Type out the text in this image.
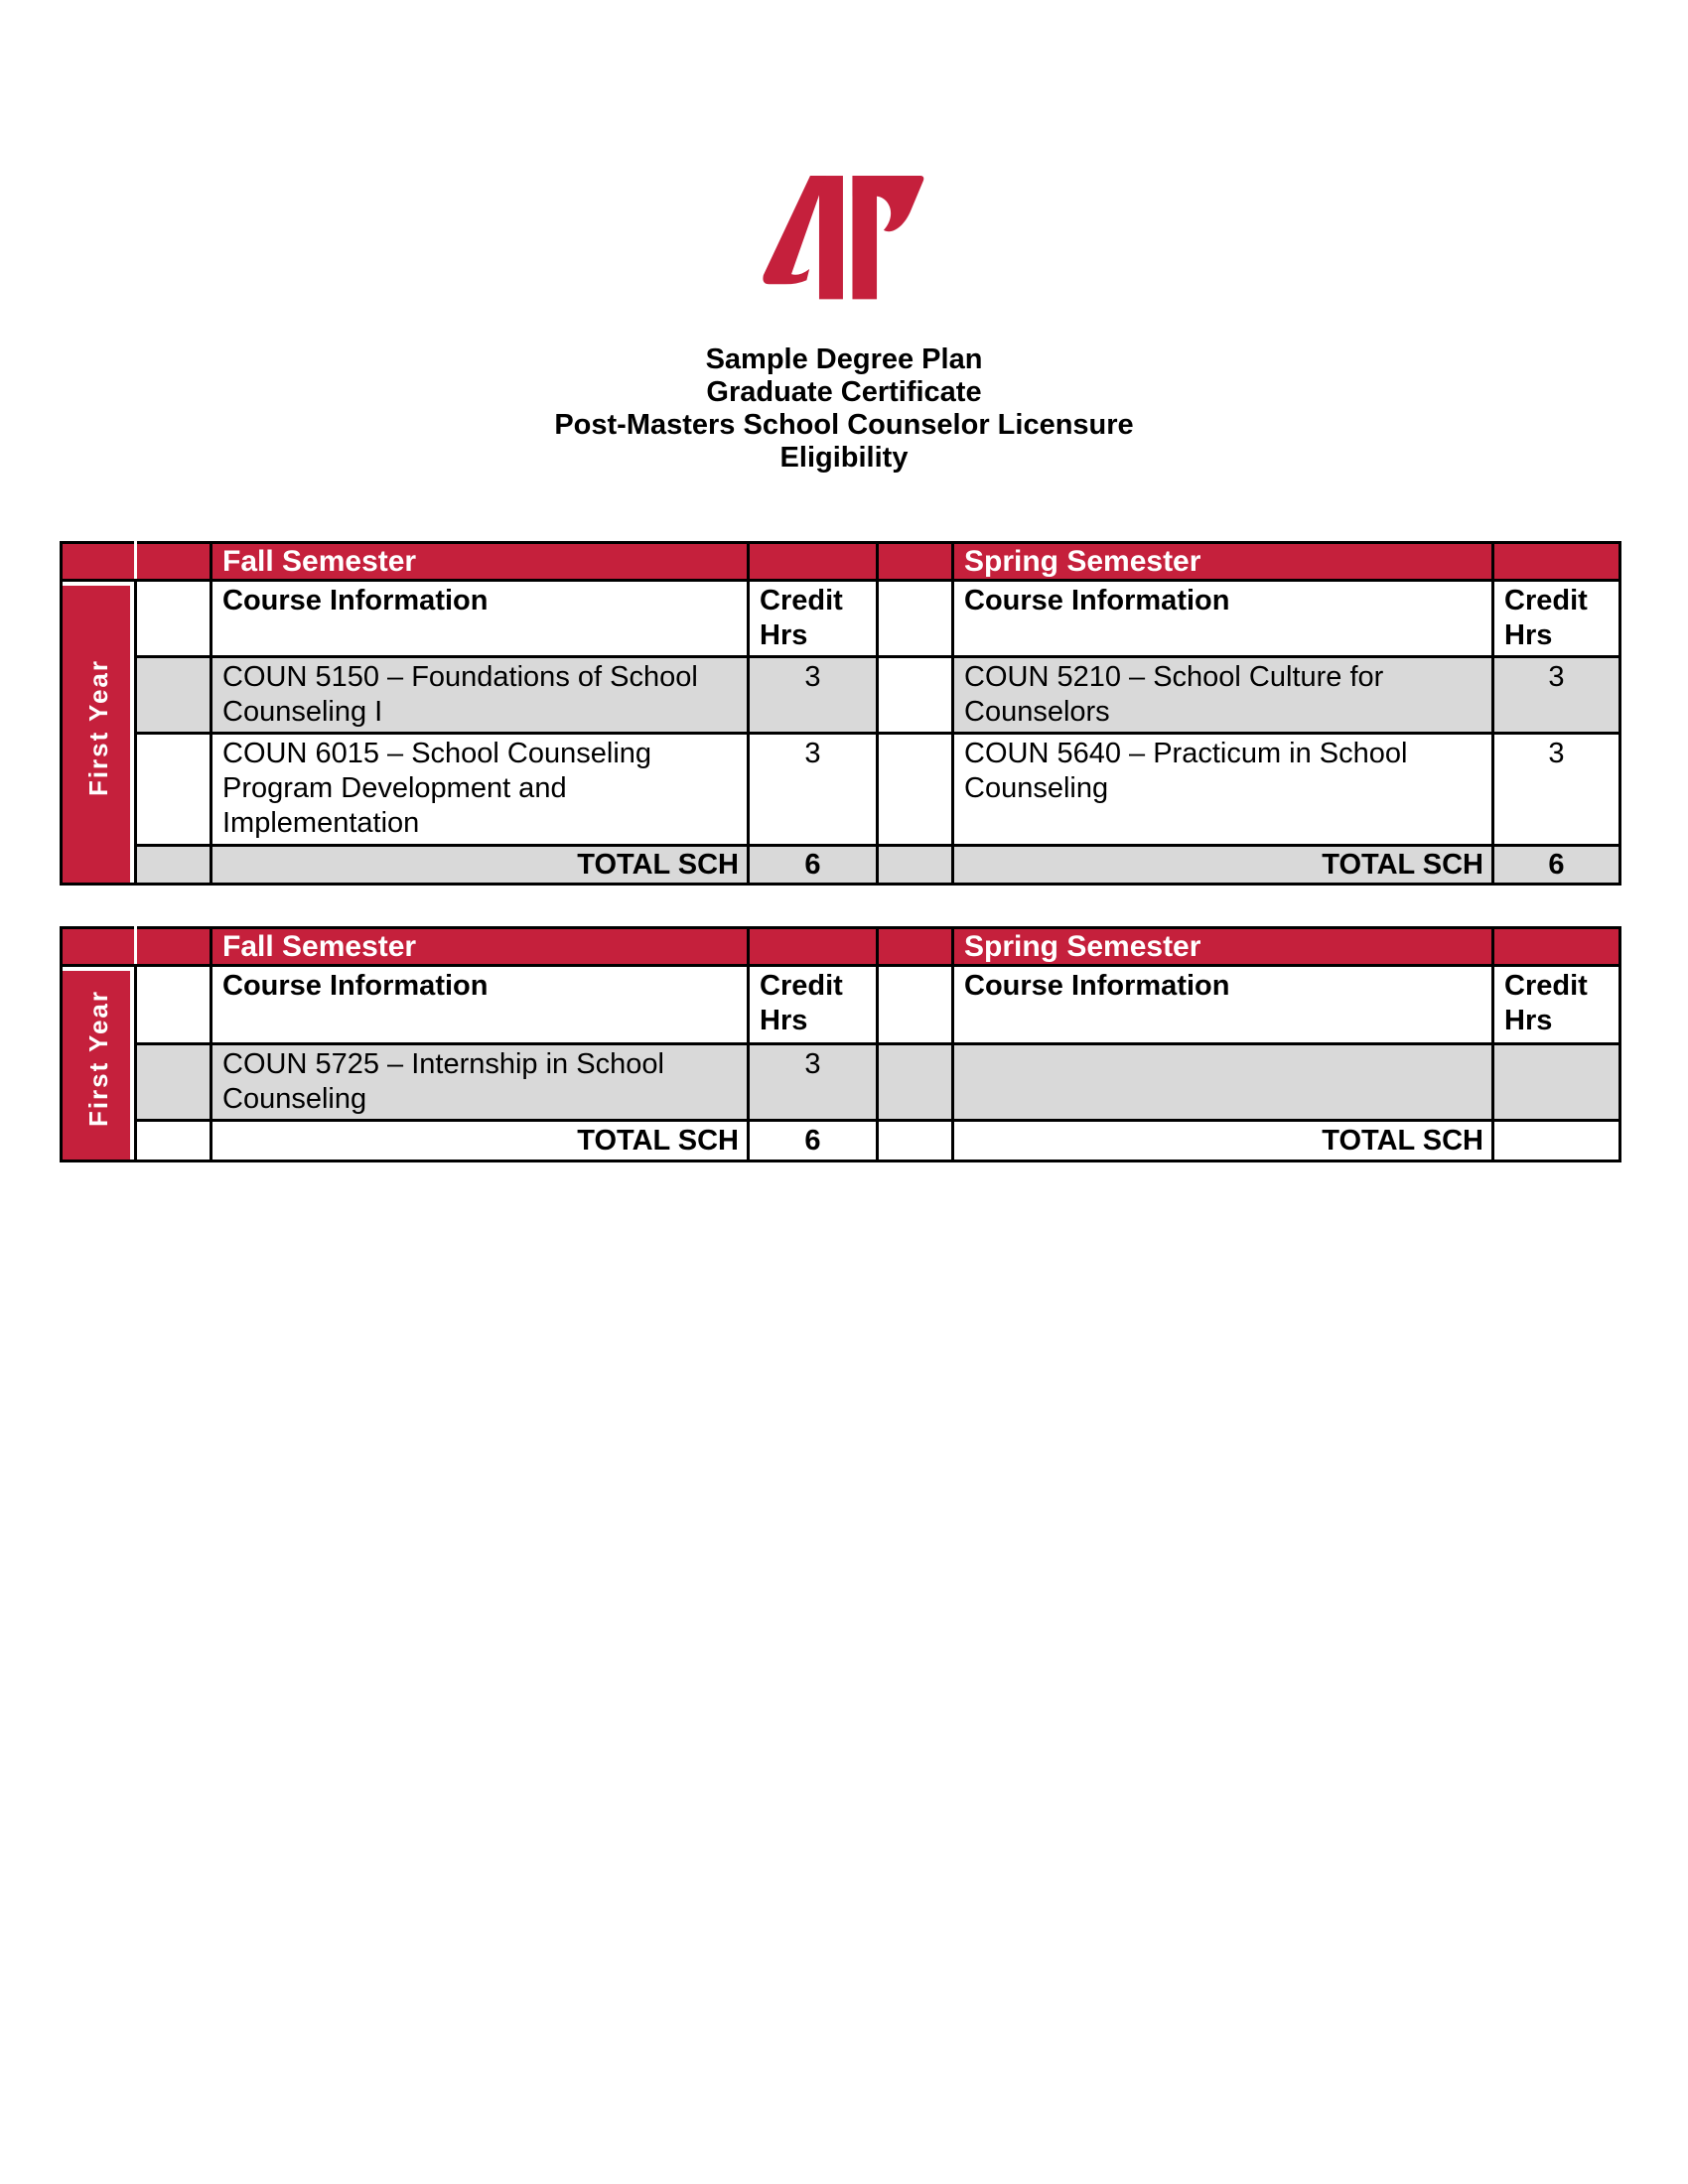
Sample Degree Plan
Graduate Certificate
Post-Masters School Counselor Licensure
Eligibility
		Fall Semester			Spring Semester	
First Year		Course Information	Credit Hrs		Course Information	Credit Hrs
		COUN 5150 – Foundations of School Counseling I	3		COUN 5210 – School Culture for Counselors	3
		COUN 6015 – School Counseling Program Development and Implementation	3		COUN 5640 – Practicum in School Counseling	3
		TOTAL SCH	6		TOTAL SCH	6
		Fall Semester			Spring Semester	
First Year		Course Information	Credit Hrs		Course Information	Credit Hrs
		COUN 5725 – Internship in School Counseling	3			
		TOTAL SCH	6		TOTAL SCH	
